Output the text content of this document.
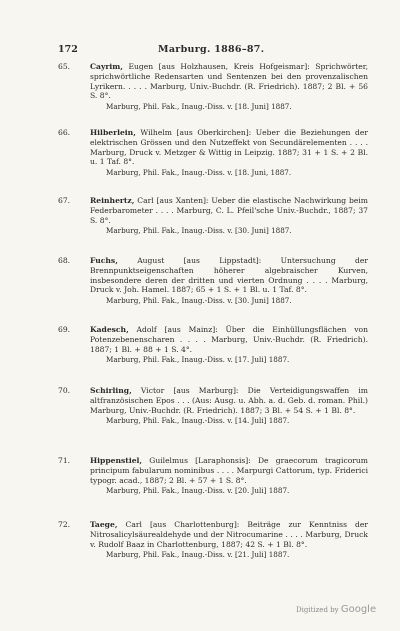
172	Marburg. 1886–87.
65.	Cayrim, Eugen [aus Holzhausen, Kreis Hofgeismar]: Sprichwörter, sprichwörtliche Redensarten und Sentenzen bei den provenzalischen Lyrikern. . . . . Marburg, Univ.-Buchdr. (R. Friedrich). 1887; 2 Bl. + 56 S. 8°.
Marburg, Phil. Fak., Inaug.-Diss. v. [18. Juni] 1887.
66.	Hilberlein, Wilhelm [aus Oberkirchen]: Ueber die Beziehungen der elektrischen Grössen und den Nutzeffekt von Secundärelementen . . . . Marburg, Druck v. Metzger & Wittig in Leipzig. 1887; 31 + 1 S. + 2 Bl. u. 1 Taf. 8°.
Marburg, Phil. Fak., Inaug.-Diss. v. [18. Juni, 1887.
67.	Reinhertz, Carl [aus Xanten]: Ueber die elastische Nachwirkung beim Federbarometer . . . . Marburg, C. L. Pfeil'sche Univ.-Buchdr., 1887; 37 S. 8°.
Marburg, Phil. Fak., Inaug.-Diss. v. [30. Juni] 1887.
68.	Fuchs,	August [aus Lippstadt]: Untersuchung der Brennpunktseigenschaften höherer algebraischer Kurven, insbesondere deren der dritten und vierten Ordnung . . . . Marburg, Druck v. Joh. Hamel. 1887; 65 + 1 S. + 1 Bl. u. 1 Taf. 8°.
Marburg, Phil. Fak., Inaug.-Diss. v. [30. Juni] 1887.
69.	Kadesch, Adolf [aus Mainz]: Über die Einhüllungsflächen von Potenzebenenscharen . . . . Marburg, Univ.-Buchdr. (R. Friedrich). 1887; 1 Bl. + 88 + 1 S. 4°.
Marburg, Phil. Fak., Inaug.-Diss. v. [17. Juli] 1887.
70.	Schirling, Victor [aus Marburg]: Die Verteidigungswaffen im altfranzösischen Epos . . . (Aus: Ausg. u. Abh. a. d. Geb. d. roman. Phil.) Marburg, Univ.-Buchdr. (R. Friedrich). 1887; 3 Bl. + 54 S. + 1 Bl. 8°.
Marburg, Phil. Fak., Inaug.-Diss. v. [14. Juli] 1887.
71.	Hippenstiel, Guilelmus [Laraphonsis]: De graecorum tragicorum principum fabularum nominibus . . . . Marpurgi Cattorum, typ. Friderici typogr. acad., 1887; 2 Bl. + 57 + 1 S. 8°.
Marburg, Phil. Fak., Inaug.-Diss. v. [20. Juli] 1887.
72.	Taege, Carl [aus Charlottenburg]: Beiträge zur Kenntniss der Nitrosalicylsäurealdehyde und der Nitrocumarine . . . . Marburg, Druck v. Rudolf Baaz in Charlottenburg, 1887; 42 S. + 1 Bl. 8°.
Marburg, Phil. Fak., Inaug.-Diss. v. [21. Juli] 1887.
Digitized by Google
